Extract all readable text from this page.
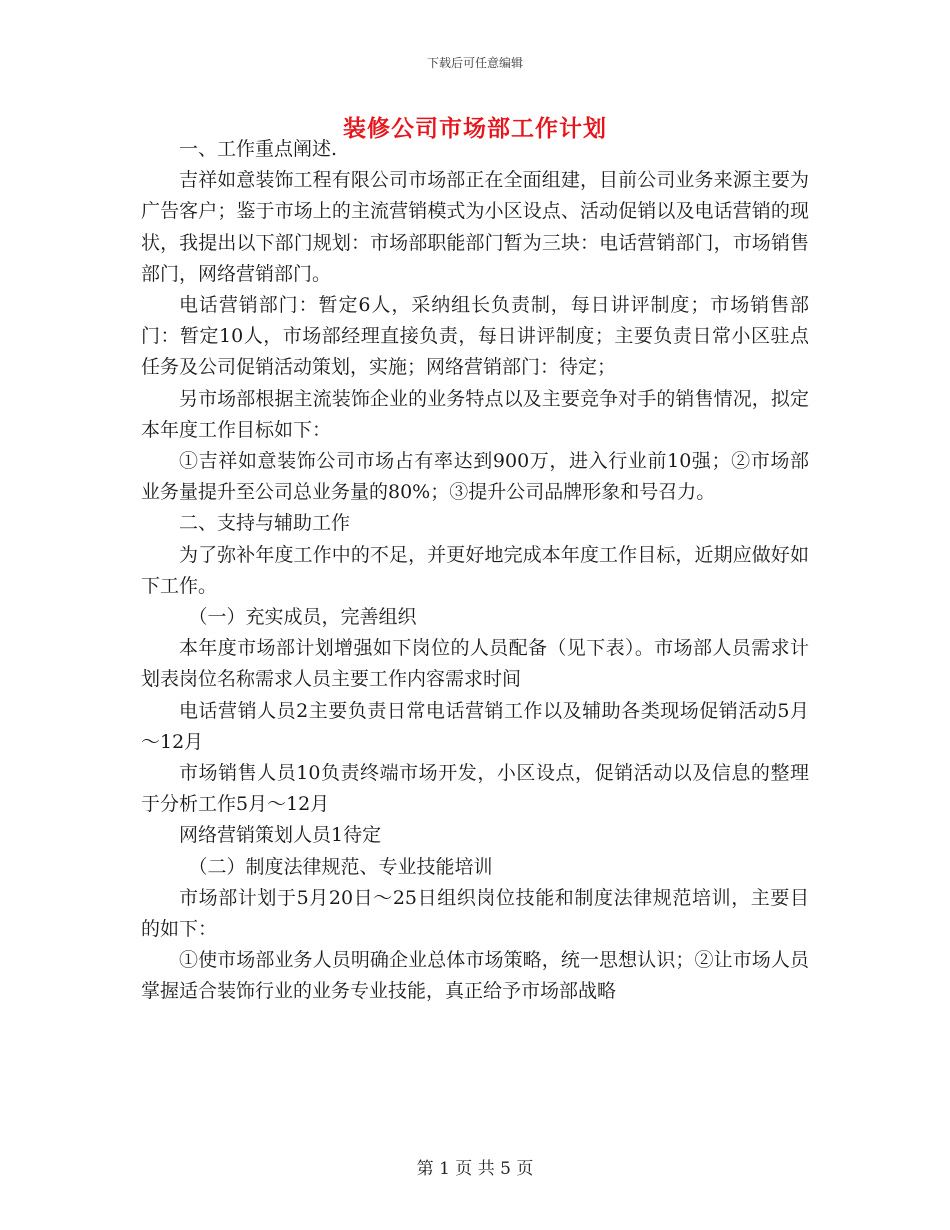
下载后可任意编辑
装修公司市场部工作计划

一、工作重点阐述.

吉祥如意装饰工程有限公司市场部正在全面组建，目前公司业务来源主要为广告客户；鉴于市场上的主流营销模式为小区设点、活动促销以及电话营销的现状，我提出以下部门规划：市场部职能部门暂为三块：电话营销部门，市场销售部门，网络营销部门。

电话营销部门：暂定6人，采纳组长负责制，每日讲评制度；市场销售部门：暂定10人，市场部经理直接负责，每日讲评制度；主要负责日常小区驻点任务及公司促销活动策划，实施；网络营销部门：待定；

另市场部根据主流装饰企业的业务特点以及主要竞争对手的销售情况，拟定本年度工作目标如下：

①吉祥如意装饰公司市场占有率达到900万，进入行业前10强；②市场部业务量提升至公司总业务量的80%；③提升公司品牌形象和号召力。

二、支持与辅助工作

为了弥补年度工作中的不足，并更好地完成本年度工作目标，近期应做好如下工作。

（一）充实成员，完善组织

本年度市场部计划增强如下岗位的人员配备（见下表）。市场部人员需求计划表岗位名称需求人员主要工作内容需求时间

电话营销人员2主要负责日常电话营销工作以及辅助各类现场促销活动5月～12月

市场销售人员10负责终端市场开发，小区设点，促销活动以及信息的整理于分析工作5月～12月

网络营销策划人员1待定

（二）制度法律规范、专业技能培训

市场部计划于5月20日～25日组织岗位技能和制度法律规范培训，主要目的如下：

①使市场部业务人员明确企业总体市场策略，统一思想认识；②让市场人员掌握适合装饰行业的业务专业技能，真正给予市场部战略

第 1 页 共 5 页
